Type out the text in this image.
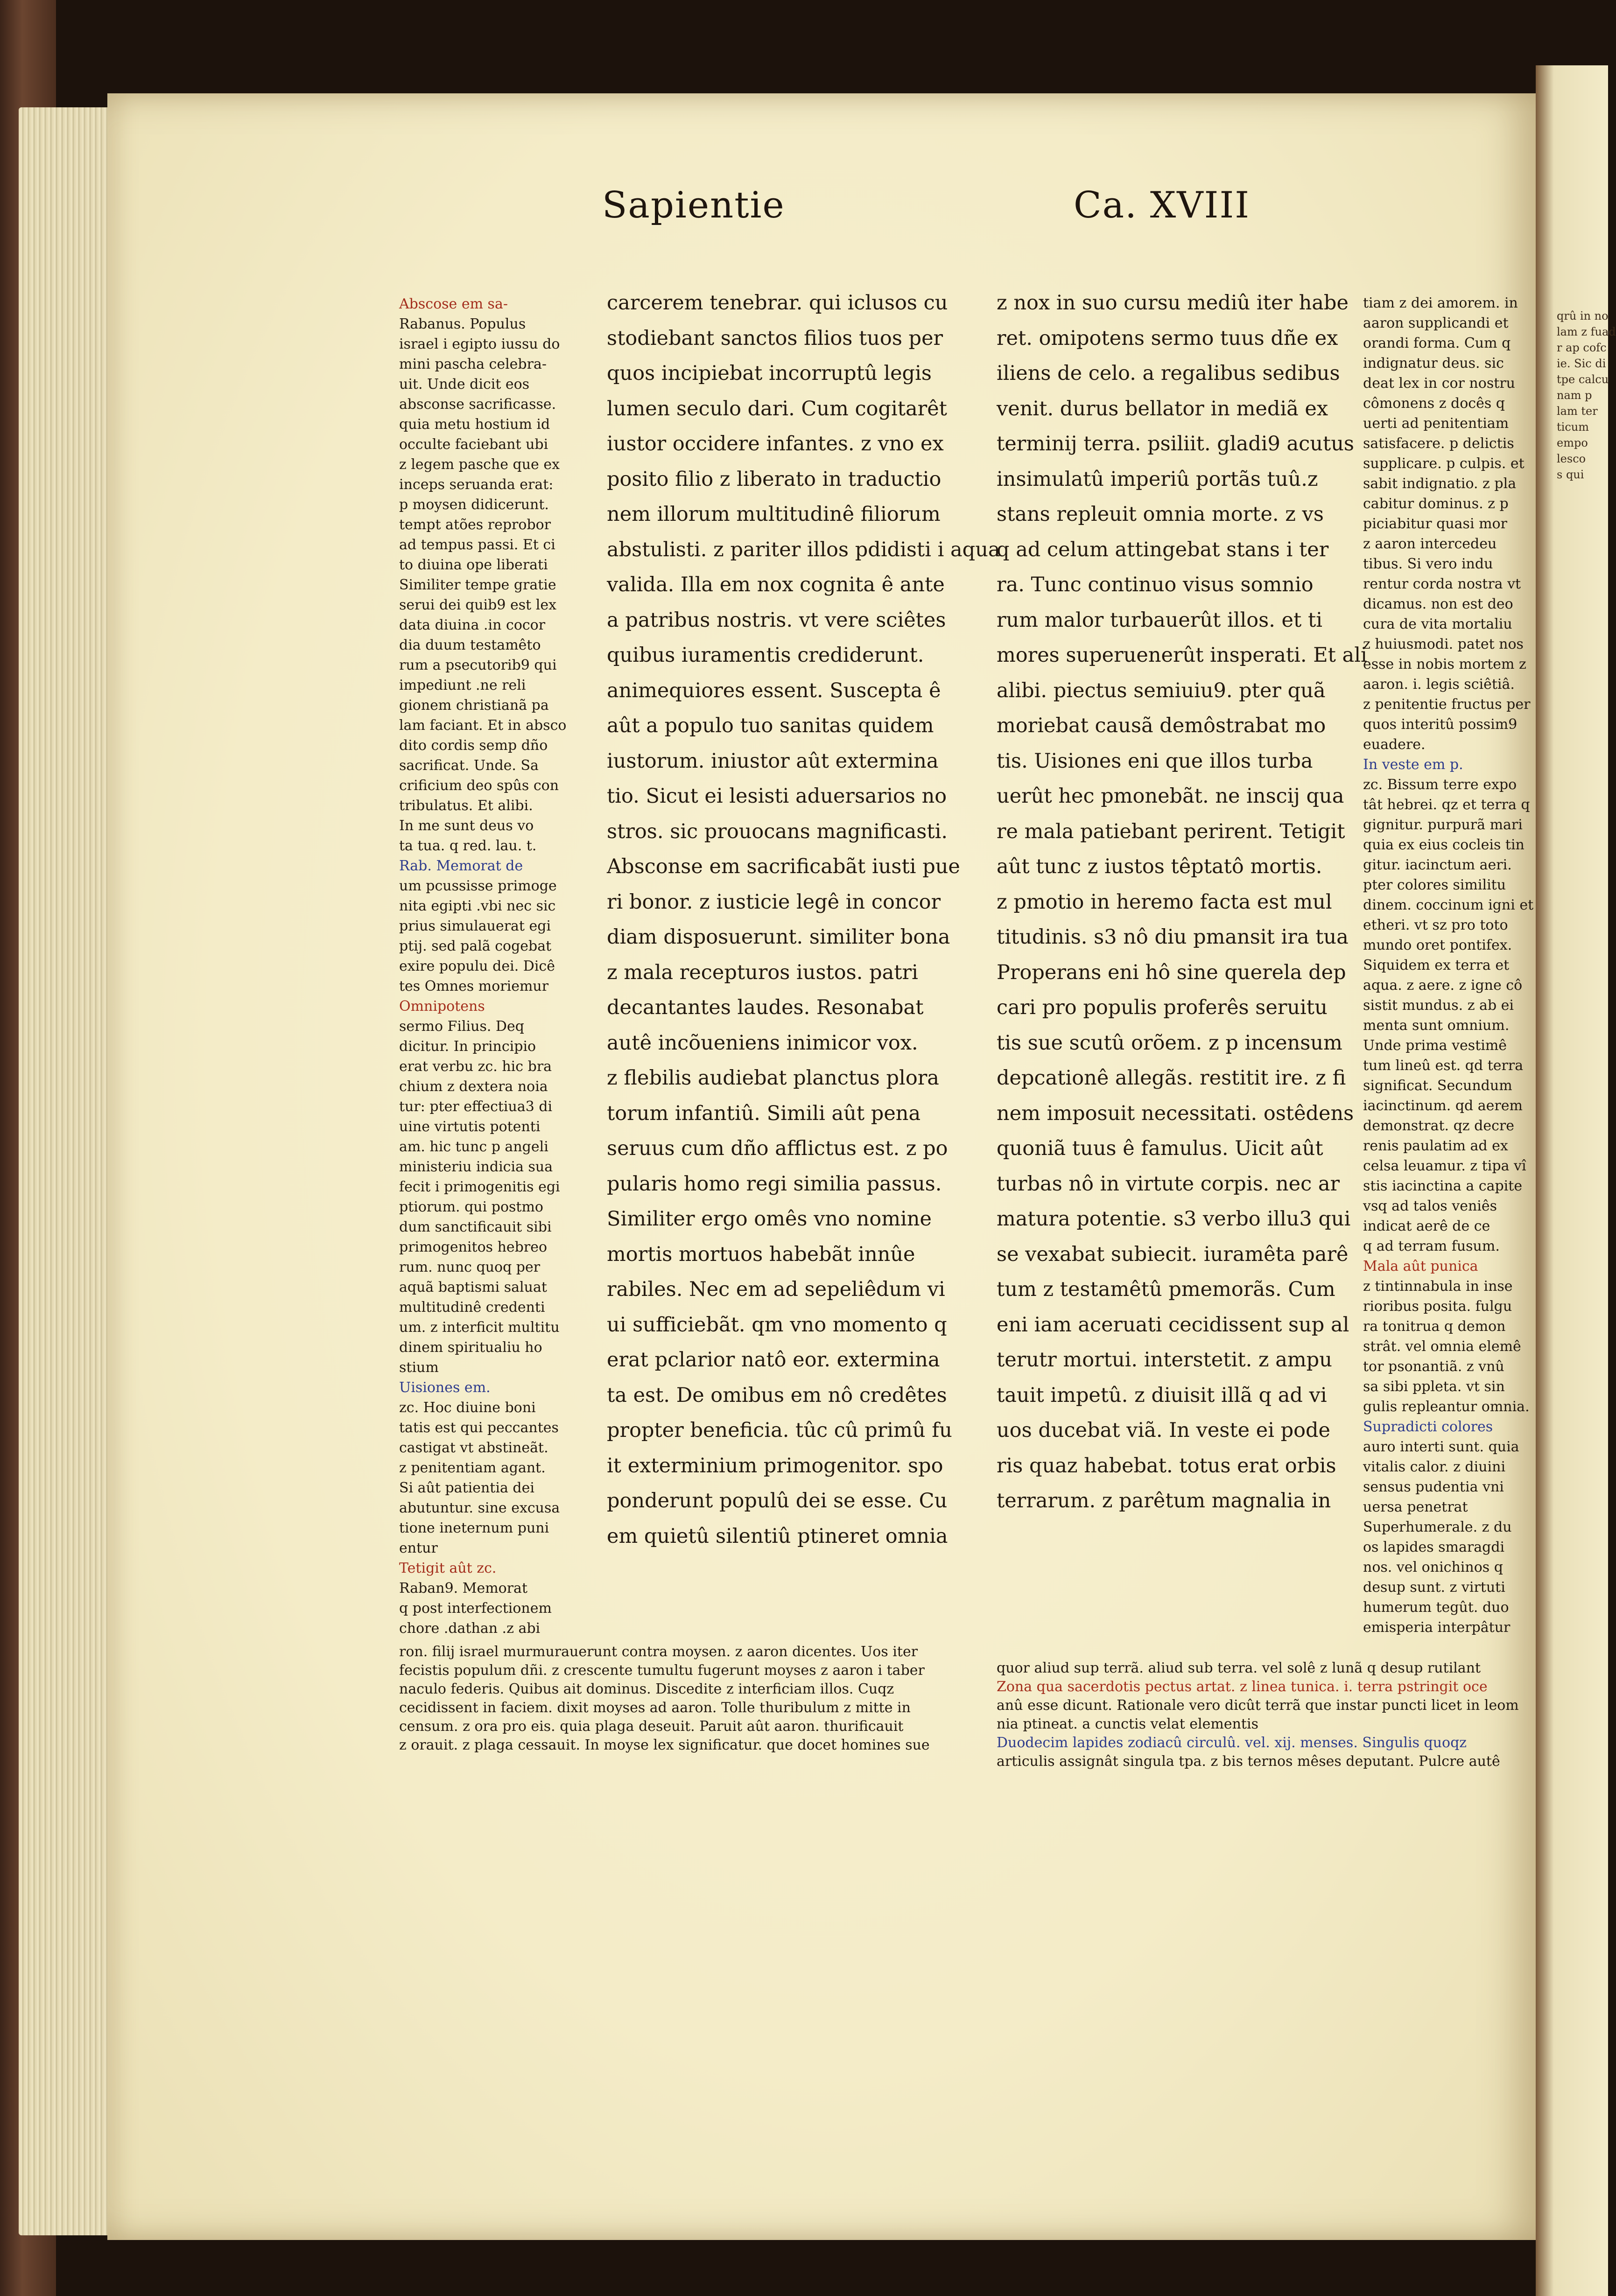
qrû in no
lam z fuad
r ap cofc
ie. Sic di
tpe calcu
nam p
lam ter
ticum
empo
lesco
s qui
Sapientie	Ca. XVIII
Abscose em sa-
Rabanus. Populus
israel i egipto iussu do
mini pascha celebra-
uit. Unde dicit eos
absconse sacrificasse.
quia metu hostium id
occulte faciebant ubi
z legem pasche que ex
inceps seruanda erat:
p moysen didicerunt.
tempt atões reprobor
ad tempus passi. Et ci
to diuina ope liberati
Similiter tempe gratie
serui dei quib9 est lex
data diuina .in cocor
dia duum testamêto
rum a psecutorib9 qui
impediunt .ne reli
gionem christianã pa
lam faciant. Et in absco
dito cordis semp dño
sacrificat. Unde. Sa
crificium deo spûs con
tribulatus. Et alibi.
In me sunt deus vo
ta tua. q red. lau. t.
Rab. Memorat de
um pcussisse primoge
nita egipti .vbi nec sic
prius simulauerat egi
ptij. sed palã cogebat
exire populu dei. Dicê
tes Omnes moriemur
Omnipotens
sermo Filius. Deq
dicitur. In principio
erat verbu zc. hic bra
chium z dextera noia
tur: pter effectiua3 di
uine virtutis potenti
am. hic tunc p angeli
ministeriu indicia sua
fecit i primogenitis egi
ptiorum. qui postmo
dum sanctificauit sibi
primogenitos hebreo
rum. nunc quoq per
aquã baptismi saluat
multitudinê credenti
um. z interficit multitu
dinem spiritualiu ho
stium
Uisiones em.
zc. Hoc diuine boni
tatis est qui peccantes
castigat vt abstineãt.
z penitentiam agant.
Si aût patientia dei
abutuntur. sine excusa
tione ineternum puni
entur
Tetigit aût zc.
Raban9. Memorat
q post interfectionem
chore .dathan .z abi
carcerem tenebrar. qui iclusos cu
stodiebant sanctos filios tuos per
quos incipiebat incorruptû legis
lumen seculo dari. Cum cogitarêt
iustor occidere infantes. z vno ex
posito filio z liberato in traductio
nem illorum multitudinê filiorum
abstulisti. z pariter illos pdidisti i aqua
valida. Illa em nox cognita ê ante
a patribus nostris. vt vere sciêtes
quibus iuramentis crediderunt.
animequiores essent. Suscepta ê
aût a populo tuo sanitas quidem
iustorum. iniustor aût extermina
tio. Sicut ei lesisti aduersarios no
stros. sic prouocans magnificasti.
Absconse em sacrificabãt iusti pue
ri bonor. z iusticie legê in concor
diam disposuerunt. similiter bona
z mala recepturos iustos. patri
decantantes laudes. Resonabat
autê incõueniens inimicor vox.
z flebilis audiebat planctus plora
torum infantiû. Simili aût pena
seruus cum dño afflictus est. z po
pularis homo regi similia passus.
Similiter ergo omês vno nomine
mortis mortuos habebãt innûe
rabiles. Nec em ad sepeliêdum vi
ui sufficiebãt. qm vno momento q
erat pclarior natô eor. extermina
ta est. De omibus em nô credêtes
propter beneficia. tûc cû primû fu
it exterminium primogenitor. spo
ponderunt populû dei se esse. Cu
em quietû silentiû ptineret omnia
z nox in suo cursu mediû iter habe
ret. omipotens sermo tuus dñe ex
iliens de celo. a regalibus sedibus
venit. durus bellator in mediã ex
terminij terra. psiliit. gladi9 acutus
insimulatû imperiû portãs tuû.z
stans repleuit omnia morte. z vs
q ad celum attingebat stans i ter
ra. Tunc continuo visus somnio
rum malor turbauerût illos. et ti
mores superuenerût insperati. Et ali
alibi. piectus semiuiu9. pter quã
moriebat causã demôstrabat mo
tis. Uisiones eni que illos turba
uerût hec pmonebãt. ne inscij qua
re mala patiebant perirent. Tetigit
aût tunc z iustos têptatô mortis.
z pmotio in heremo facta est mul
titudinis. s3 nô diu pmansit ira tua
Properans eni hô sine querela dep
cari pro populis proferês seruitu
tis sue scutû orõem. z p incensum
depcationê allegãs. restitit ire. z fi
nem imposuit necessitati. ostêdens
quoniã tuus ê famulus. Uicit aût
turbas nô in virtute corpis. nec ar
matura potentie. s3 verbo illu3 qui
se vexabat subiecit. iuramêta parê
tum z testamêtû pmemorãs. Cum
eni iam aceruati cecidissent sup al
terutr mortui. interstetit. z ampu
tauit impetû. z diuisit illã q ad vi
uos ducebat viã. In veste ei pode
ris quaz habebat. totus erat orbis
terrarum. z parêtum magnalia in
tiam z dei amorem. in
aaron supplicandi et
orandi forma. Cum q
indignatur deus. sic
deat lex in cor nostru
cômonens z docês q
uerti ad penitentiam
satisfacere. p delictis
supplicare. p culpis. et
sabit indignatio. z pla
cabitur dominus. z p
piciabitur quasi mor
z aaron intercedeu
tibus. Si vero indu
rentur corda nostra vt
dicamus. non est deo
cura de vita mortaliu
z huiusmodi. patet nos
esse in nobis mortem z
aaron. i. legis sciêtiâ.
z penitentie fructus per
quos interitû possim9
euadere.
In veste em p.
zc. Bissum terre expo
tât hebrei. qz et terra q
gignitur. purpurã mari
quia ex eius cocleis tin
gitur. iacinctum aeri.
pter colores similitu
dinem. coccinum igni et
etheri. vt sz pro toto
mundo oret pontifex.
Siquidem ex terra et
aqua. z aere. z igne cô
sistit mundus. z ab ei
menta sunt omnium.
Unde prima vestimê
tum lineû est. qd terra
significat. Secundum
iacinctinum. qd aerem
demonstrat. qz decre
renis paulatim ad ex
celsa leuamur. z tipa vî
stis iacinctina a capite
vsq ad talos veniês
indicat aerê de ce
q ad terram fusum.
Mala aût punica
z tintinnabula in inse
rioribus posita. fulgu
ra tonitrua q demon
strât. vel omnia elemê
tor psonantiã. z vnû
sa sibi ppleta. vt sin
gulis repleantur omnia.
Supradicti colores
auro interti sunt. quia
vitalis calor. z diuini
sensus pudentia vni
uersa penetrat
Superhumerale. z du
os lapides smaragdi
nos. vel onichinos q
desup sunt. z virtuti
humerum tegût. duo
emisperia interpâtur
ron. filij israel murmurauerunt contra moysen. z aaron dicentes. Uos iter
fecistis populum dñi. z crescente tumultu fugerunt moyses z aaron i taber
naculo federis. Quibus ait dominus. Discedite z interficiam illos. Cuqz
cecidissent in faciem. dixit moyses ad aaron. Tolle thuribulum z mitte in
censum. z ora pro eis. quia plaga deseuit. Paruit aût aaron. thurificauit
z orauit. z plaga cessauit. In moyse lex significatur. que docet homines sue
quor aliud sup terrã. aliud sub terra. vel solê z lunã q desup rutilant
Zona qua sacerdotis pectus artat. z linea tunica. i. terra pstringit oce
anû esse dicunt. Rationale vero dicût terrã que instar puncti licet in leom
nia ptineat. a cunctis velat elementis
Duodecim lapides zodiacû circulû. vel. xij. menses. Singulis quoqz
articulis assignât singula tpa. z bis ternos mêses deputant. Pulcre autê
